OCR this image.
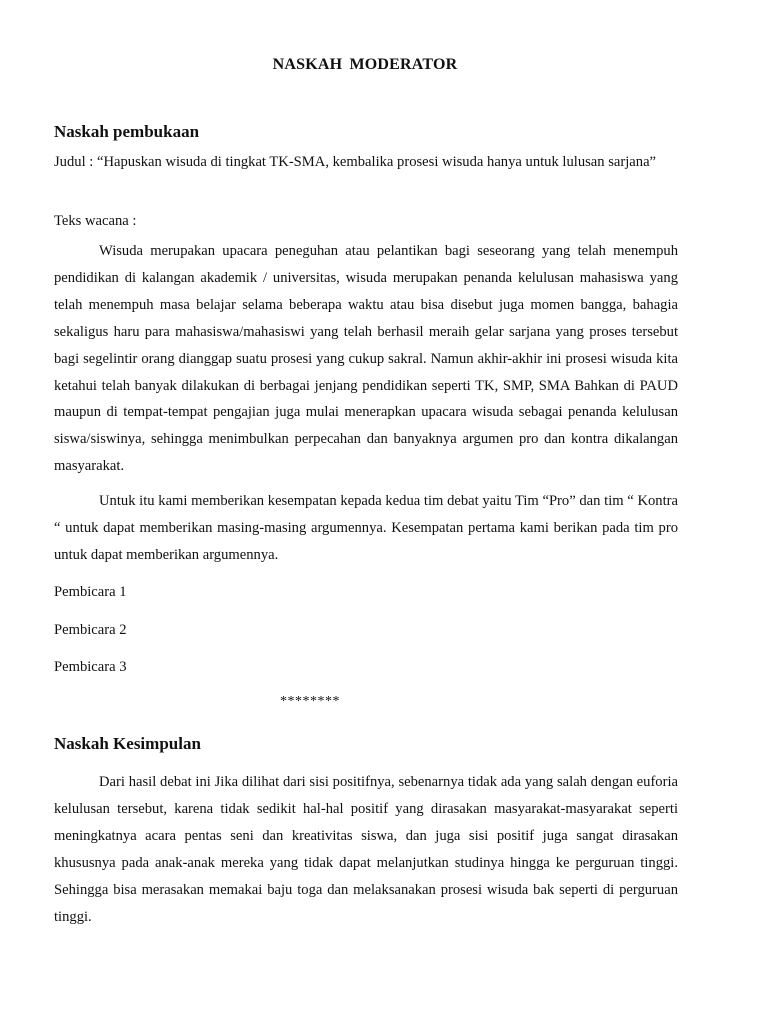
NASKAH MODERATOR
Naskah pembukaan
Judul : “Hapuskan wisuda di tingkat TK-SMA, kembalika prosesi wisuda hanya untuk lulusan sarjana”
Teks wacana :

Wisuda merupakan upacara peneguhan atau pelantikan bagi seseorang yang telah menempuh pendidikan di kalangan akademik / universitas, wisuda merupakan penanda kelulusan mahasiswa yang telah menempuh masa belajar selama beberapa waktu atau bisa disebut juga momen bangga, bahagia sekaligus haru para mahasiswa/mahasiswi yang telah berhasil meraih gelar sarjana yang proses tersebut bagi segelintir orang dianggap suatu prosesi yang cukup sakral. Namun akhir-akhir ini prosesi wisuda kita ketahui telah banyak dilakukan di berbagai jenjang pendidikan seperti TK, SMP, SMA Bahkan di PAUD maupun di tempat-tempat pengajian juga mulai menerapkan upacara wisuda sebagai penanda kelulusan siswa/siswinya, sehingga menimbulkan perpecahan dan banyaknya argumen pro dan kontra dikalangan masyarakat.

Untuk itu kami memberikan kesempatan kepada kedua tim debat yaitu Tim “Pro” dan tim “ Kontra “ untuk dapat memberikan masing-masing argumennya. Kesempatan pertama kami berikan pada tim pro untuk dapat memberikan argumennya.

Pembicara 1
Pembicara 2
Pembicara 3
********
Naskah Kesimpulan

Dari hasil debat ini Jika dilihat dari sisi positifnya, sebenarnya tidak ada yang salah dengan euforia kelulusan tersebut, karena tidak sedikit hal-hal positif yang dirasakan masyarakat-masyarakat seperti meningkatnya acara pentas seni dan kreativitas siswa, dan juga sisi positif juga sangat dirasakan khususnya pada anak-anak mereka yang tidak dapat melanjutkan studinya hingga ke perguruan tinggi. Sehingga bisa merasakan memakai baju toga dan melaksanakan prosesi wisuda bak seperti di perguruan tinggi.
